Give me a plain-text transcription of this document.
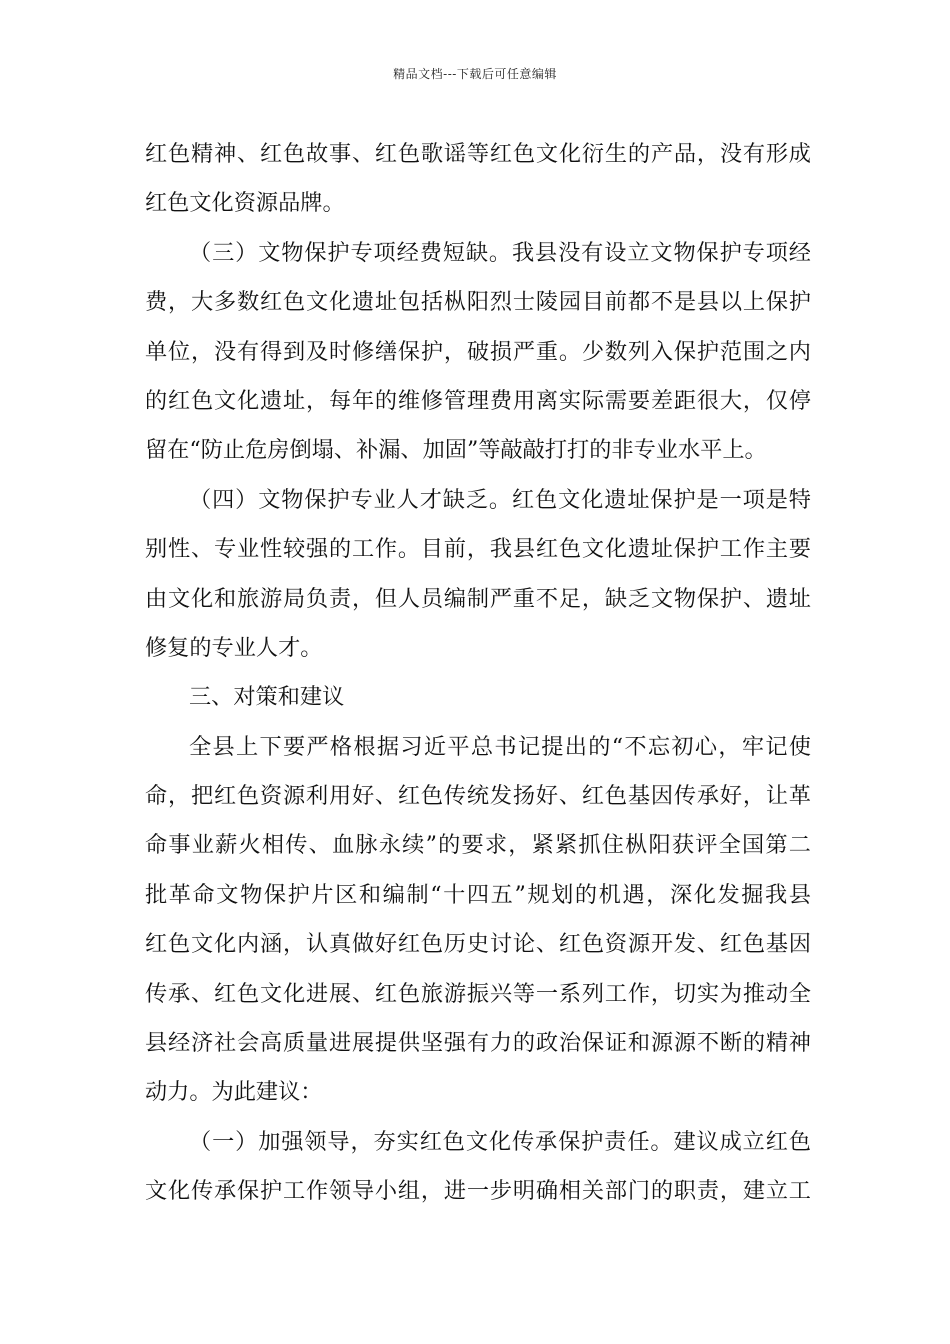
精品文档---下载后可任意编辑
红色精神、红色故事、红色歌谣等红色文化衍生的产品，没有形成
红色文化资源品牌。
（三）文物保护专项经费短缺。我县没有设立文物保护专项经
费，大多数红色文化遗址包括枞阳烈士陵园目前都不是县以上保护
单位，没有得到及时修缮保护，破损严重。少数列入保护范围之内
的红色文化遗址，每年的维修管理费用离实际需要差距很大，仅停
留在“防止危房倒塌、补漏、加固”等敲敲打打的非专业水平上。
（四）文物保护专业人才缺乏。红色文化遗址保护是一项是特
别性、专业性较强的工作。目前，我县红色文化遗址保护工作主要
由文化和旅游局负责，但人员编制严重不足，缺乏文物保护、遗址
修复的专业人才。
三、对策和建议
全县上下要严格根据习近平总书记提出的“不忘初心，牢记使
命，把红色资源利用好、红色传统发扬好、红色基因传承好，让革
命事业薪火相传、血脉永续”的要求，紧紧抓住枞阳获评全国第二
批革命文物保护片区和编制“十四五”规划的机遇，深化发掘我县
红色文化内涵，认真做好红色历史讨论、红色资源开发、红色基因
传承、红色文化进展、红色旅游振兴等一系列工作，切实为推动全
县经济社会高质量进展提供坚强有力的政治保证和源源不断的精神
动力。为此建议：
（一）加强领导，夯实红色文化传承保护责任。建议成立红色
文化传承保护工作领导小组，进一步明确相关部门的职责，建立工
